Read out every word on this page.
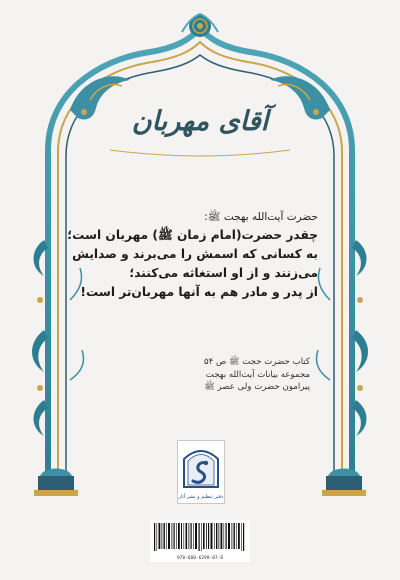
آقای مهربان
حضرت آیت‌الله بهجت ﷺ:
چقدر حضرت(امام زمان ﷺ) مهربان است؛
به کسانی که اسمش را می‌برند و صدایش
می‌زنند و از او استغاثه می‌کنند؛
از پدر و مادر هم به آنها مهربان‌تر است!
کتاب حضرت حجت ﷺ ص ۵۴
مجموعه بیانات آیت‌الله بهجت
پیرامون حضرت ولی عصر ﷺ
دفتر تنظیم و نشر آثار
978-600-6299-07-6
